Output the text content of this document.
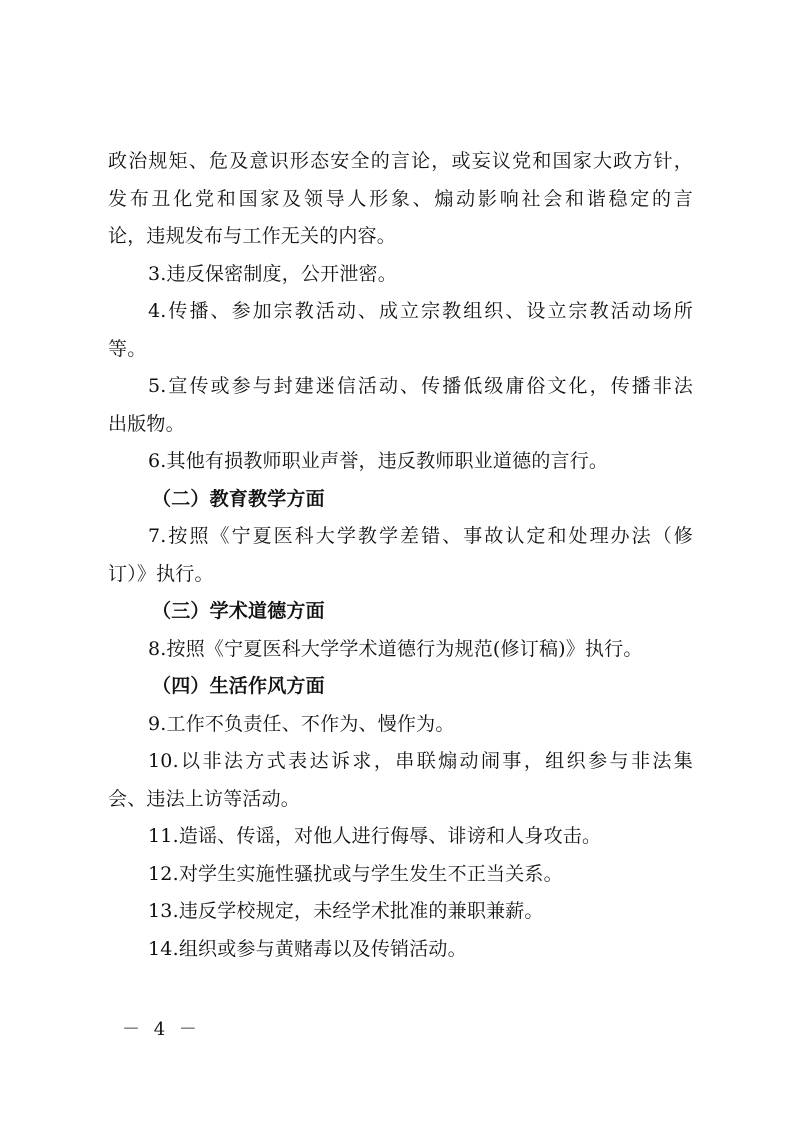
政治规矩、危及意识形态安全的言论，或妄议党和国家大政方针，
发布丑化党和国家及领导人形象、煽动影响社会和谐稳定的言
论，违规发布与工作无关的内容。
3.违反保密制度，公开泄密。
4.传播、参加宗教活动、成立宗教组织、设立宗教活动场所
等。
5.宣传或参与封建迷信活动、传播低级庸俗文化，传播非法
出版物。
6.其他有损教师职业声誉，违反教师职业道德的言行。
（二）教育教学方面
7.按照《宁夏医科大学教学差错、事故认定和处理办法（修
订）》执行。
（三）学术道德方面
8.按照《宁夏医科大学学术道德行为规范(修订稿)》执行。
（四）生活作风方面
9.工作不负责任、不作为、慢作为。
10.以非法方式表达诉求，串联煽动闹事，组织参与非法集
会、违法上访等活动。
11.造谣、传谣，对他人进行侮辱、诽谤和人身攻击。
12.对学生实施性骚扰或与学生发生不正当关系。
13.违反学校规定，未经学术批准的兼职兼薪。
14.组织或参与黄赌毒以及传销活动。
－ 4 －
